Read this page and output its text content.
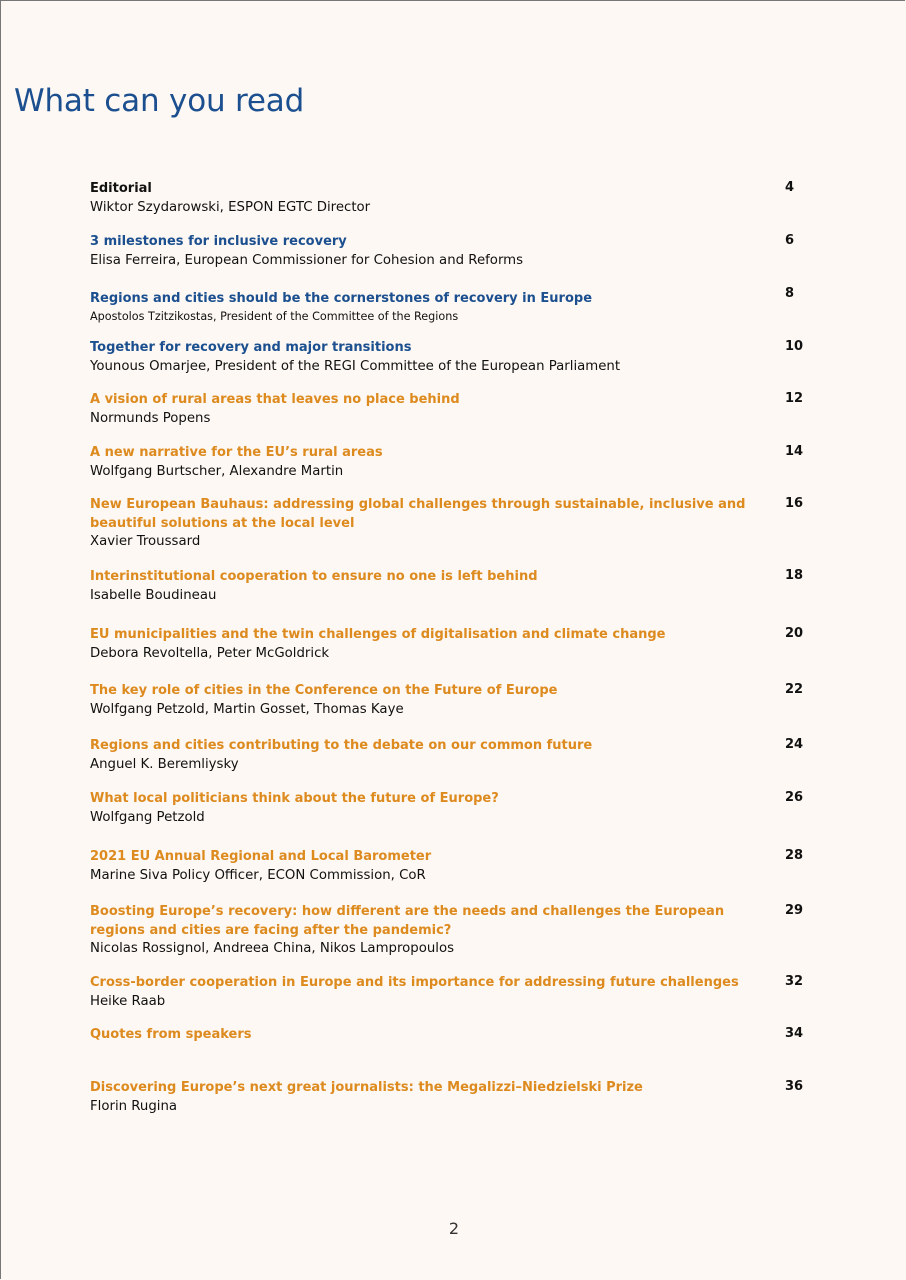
What can you read
Editorial
Wiktor Szydarowski, ESPON EGTC Director
4
3 milestones for inclusive recovery
Elisa Ferreira, European Commissioner for Cohesion and Reforms
6
Regions and cities should be the cornerstones of recovery in Europe
Apostolos Tzitzikostas, President of the Committee of the Regions
8
Together for recovery and major transitions
Younous Omarjee, President of the REGI Committee of the European Parliament
10
A vision of rural areas that leaves no place behind
Normunds Popens
12
A new narrative for the EU’s rural areas
Wolfgang Burtscher, Alexandre Martin
14
New European Bauhaus: addressing global challenges through sustainable, inclusive and beautiful solutions at the local level
Xavier Troussard
16
Interinstitutional cooperation to ensure no one is left behind
Isabelle Boudineau
18
EU municipalities and the twin challenges of digitalisation and climate change
Debora Revoltella, Peter McGoldrick
20
The key role of cities in the Conference on the Future of Europe
Wolfgang Petzold, Martin Gosset, Thomas Kaye
22
Regions and cities contributing to the debate on our common future
Anguel K. Beremliysky
24
What local politicians think about the future of Europe?
Wolfgang Petzold
26
2021 EU Annual Regional and Local Barometer
Marine Siva Policy Officer, ECON Commission, CoR
28
Boosting Europe’s recovery: how different are the needs and challenges the European regions and cities are facing after the pandemic?
Nicolas Rossignol, Andreea China, Nikos Lampropoulos
29
Cross-border cooperation in Europe and its importance for addressing future challenges
Heike Raab
32
Quotes from speakers	34
Discovering Europe’s next great journalists: the Megalizzi–Niedzielski Prize
Florin Rugina
36
2
